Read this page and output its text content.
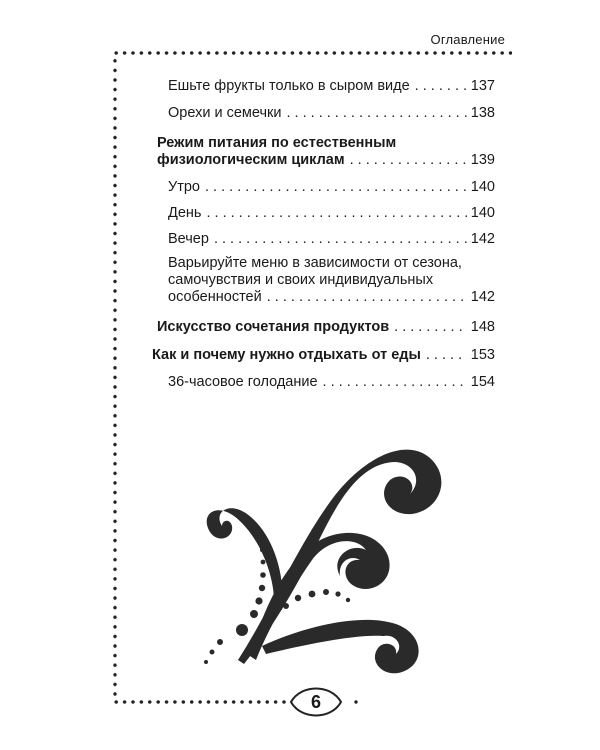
Оглавление
Ешьте фрукты только в сыром виде . . .	137
Орехи и семечки . . .	138
Режим питания по естественным
физиологическим циклам . . .	139
Утро . . .	140
День . . .	140
Вечер . . .	142
Варьируйте меню в зависимости от сезона,
самочувствия и своих индивидуальных
особенностей . . .	142
Искусство сочетания продуктов . . .	148
Как и почему нужно отдыхать от еды . . .	153
36-часовое голодание . . .	154
6
